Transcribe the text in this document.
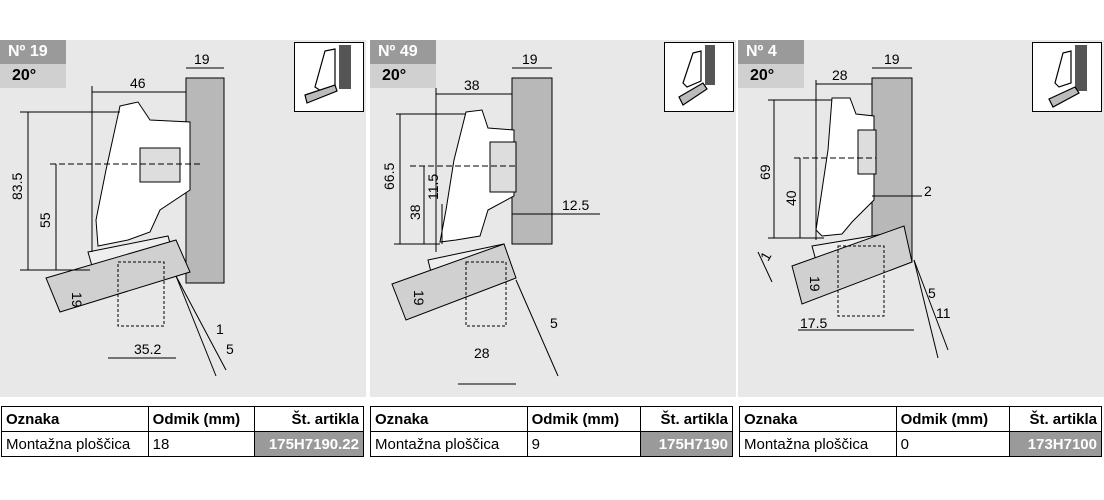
Nº 19
20°	46
19
83.5
55
19
35.2
1
5
Nº 49
20°
38
19
66.5
38
11.5
12.5
19
28
5
Nº 4
20°	28
19
69
40	2
1
19
17.5
5
11
Oznaka	Odmik (mm)	Št. artikla
Montažna ploščica	18	175H7190.22
Oznaka	Odmik (mm)	Št. artikla
Montažna ploščica	9	175H7190
Oznaka	Odmik (mm)	Št. artikla
Montažna ploščica	0	173H7100
